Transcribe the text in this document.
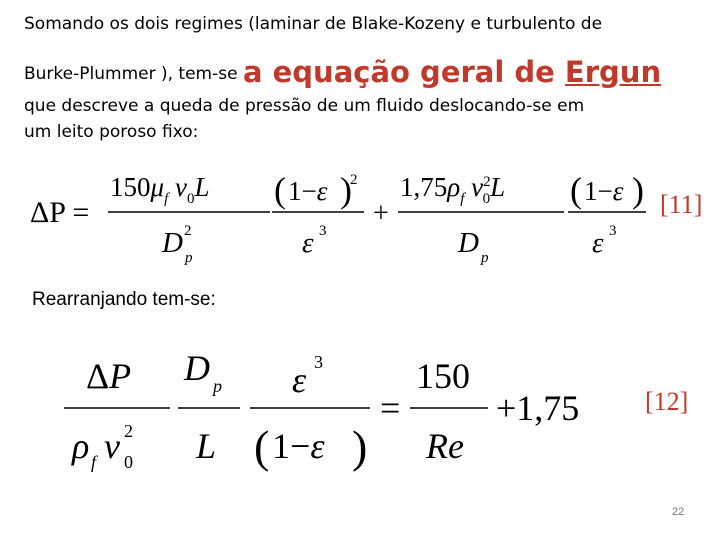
Somando os dois regimes (laminar de Blake-Kozeny e turbulento de
Burke-Plummer ), tem-se a equação geral de Ergun
que descreve a queda de pressão de um fluido deslocando-se em
um leito poroso fixo:
ΔP =
$150\mu_f$ $v_0L$
D 2
p
( 1−ε )
2
ε 3
+
$1,75\rho_f$ $v^2$ 0L
D p
( 1−ε )
ε 3
[11]
Rearranjando tem-se:
ΔP
ρ f v 2
0
D p
L
ε 3
( 1−ε )
=
150
Re
+1,75	[12]
22
